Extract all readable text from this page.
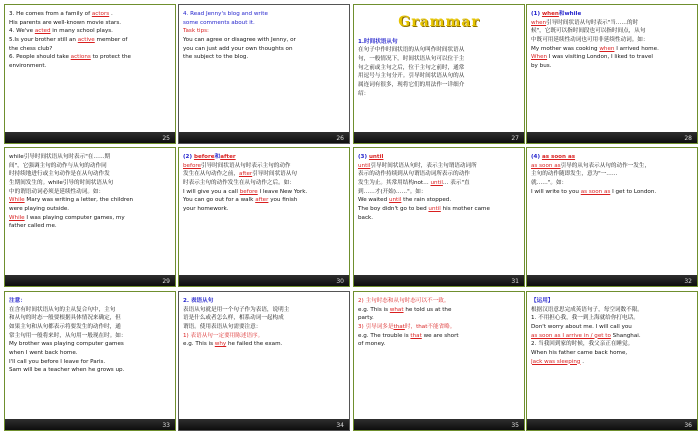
3. He comes from a family of actors .
His parents are well-known movie stars.
4. We've acted in many school plays.
5.Is your brother still an active member of
the chess club?
6. People should take actions to protect the
environment.
25
4. Read Jenny's blog and write
some comments about it.
Task tips:
You can agree or disagree with Jenny, or
you can just add your own thoughts on
the subject to the blog.
26
Grammar
1.时间状语从句
在句子中作时间状语的从句叫作时间状语从
句，一般情况下，时间状语从句可以位于主
句之前或主句之后，位于主句之前时，通常
用逗号与主句分开。引导时间状语从句的从
属连词有很多，现将它们的用法作一详细介
绍：
27
(1) when和while
when引导时间状语从句时表示"当……的时
候"，它既可以指时间段也可以指时间点，从句
中既可用延续性动词也可用非延续性动词。如：
My mother was cooking when I arrived home.
When I was visiting London, I liked to travel
by bus.
28
while引导时间状语从句时表示"在……期
间"，它强调主句的动作与从句的动作同
时持续地进行或主句动作是在从句动作发
生期间发生的。while引导的时间状语从句
中的谓语动词必须是延续性动词。如：
While Mary was writing a letter, the children
were playing outside.
While I was playing computer games, my
father called me.
29
(2) before和after
before引导时间状语从句时表示主句的动作
发生在从句动作之前，after引导时间状语从句
时表示主句的动作发生在从句动作之后。如：
I will give you a call before I leave New York.
You can go out for a walk after you finish
your homework.
30
(3) until
until引导时间状语从句时，表示主句谓语动词所
表示的动作持续到从句谓语动词所表示的动作
发生为止。其常用结构not… until… 表示"直
到……才(开始)……"。如：
We waited until the rain stopped.
The boy didn't go to bed until his mother came
back.
31
(4) as soon as
as soon as引导的从句表示从句的动作一发生，
主句的动作随即发生，意为"一……
就……"。如：
I will write to you as soon as I get to London.
32
注意：
在含有时间状语从句的主从复合句中，主句
和从句的时态一般要根据具体情况来确定，但
如果主句和从句都表示将要发生的动作时，通
常主句用一般将来时，从句用一般现在时。如：
My brother was playing computer games
when I went back home.
I'll call you before I leave for Paris.
Sam will be a teacher when he grows up.
33
2. 表语从句
表语从句就是用一个句子作为表语，说明主
语是什么或者怎么样，相系动词一起构成
谓语。使用表语从句需要注意：
1) 表语从句一定要用陈述语序。
e.g. This is why he failed the exam.
34
2) 主句时态和从句时态可以不一致。
e.g. This is what he told us at the
party.
3) 引导词多是that时，that不能省略。
e.g. The trouble is that we are short
of money.
35
【运用】
根据汉语意思完成英语句子，每空词数不限。
1. 不用担心我，我一到上海就给你打电话。
Don't worry about me. I will call you
as soon as I arrive in / get to Shanghai.
2. 当我回到家的时候，我父亲正在睡觉。
When his father came back home,
Jack was sleeping .
36
